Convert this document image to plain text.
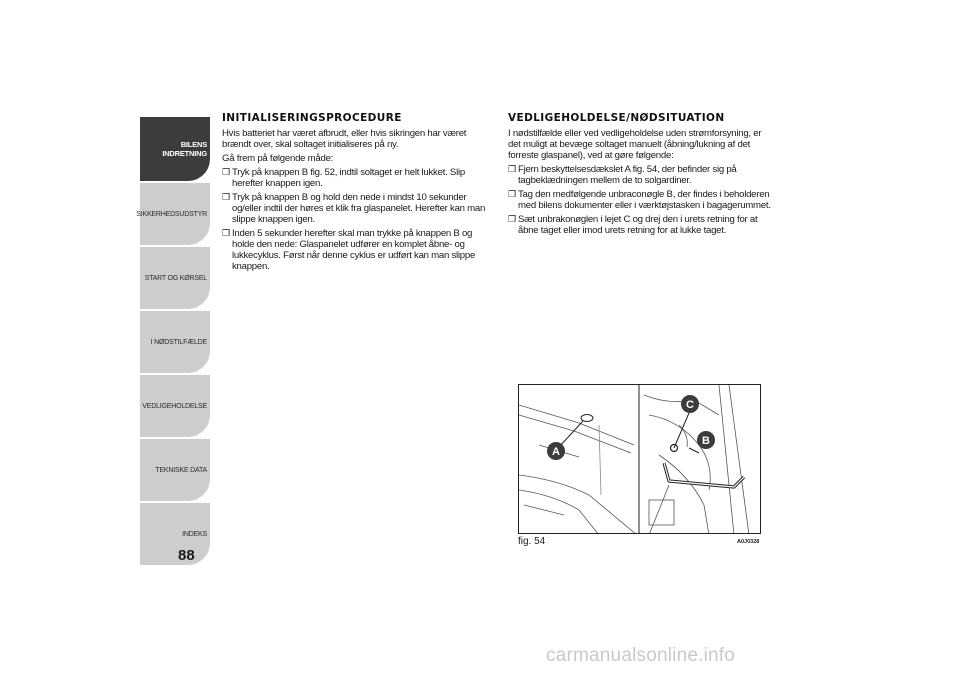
BILENS
INDRETNING
SIKKERHEDSUDSTYR
START OG KØRSEL
I NØDSTILFÆLDE
VEDLIGEHOLDELSE
TEKNISKE DATA
INDEKS
88
INITIALISERINGSPROCEDURE

Hvis batteriet har været afbrudt, eller hvis sikringen har været brændt over, skal soltaget initialiseres på ny.

Gå frem på følgende måde:

❒ Tryk på knappen B fig. 52, indtil soltaget er helt lukket. Slip herefter knappen igen.
❒ Tryk på knappen B og hold den nede i mindst 10 sekunder og/eller indtil der høres et klik fra glaspanelet. Herefter kan man slippe knappen igen.
❒ Inden 5 sekunder herefter skal man trykke på knappen B og holde den nede: Glaspanelet udfører en komplet åbne- og lukkecyklus. Først når denne cyklus er udført kan man slippe knappen.
VEDLIGEHOLDELSE/NØDSITUATION

I nødstilfælde eller ved vedligeholdelse uden strømforsyning, er det muligt at bevæge soltaget manuelt (åbning/lukning af det forreste glaspanel), ved at gøre følgende:

❒ Fjern beskyttelsesdækslet A fig. 54, der befinder sig på tagbeklædningen mellem de to solgardiner.
❒ Tag den medfølgende unbraconøgle B, der findes i beholderen med bilens dokumenter eller i værktøjstasken i bagagerummet.
❒ Sæt unbrakonøglen i lejet C og drej den i urets retning for at åbne taget eller imod urets retning for at lukke taget.
A
C
B
fig. 54	A0J0328
carmanualsonline.info
